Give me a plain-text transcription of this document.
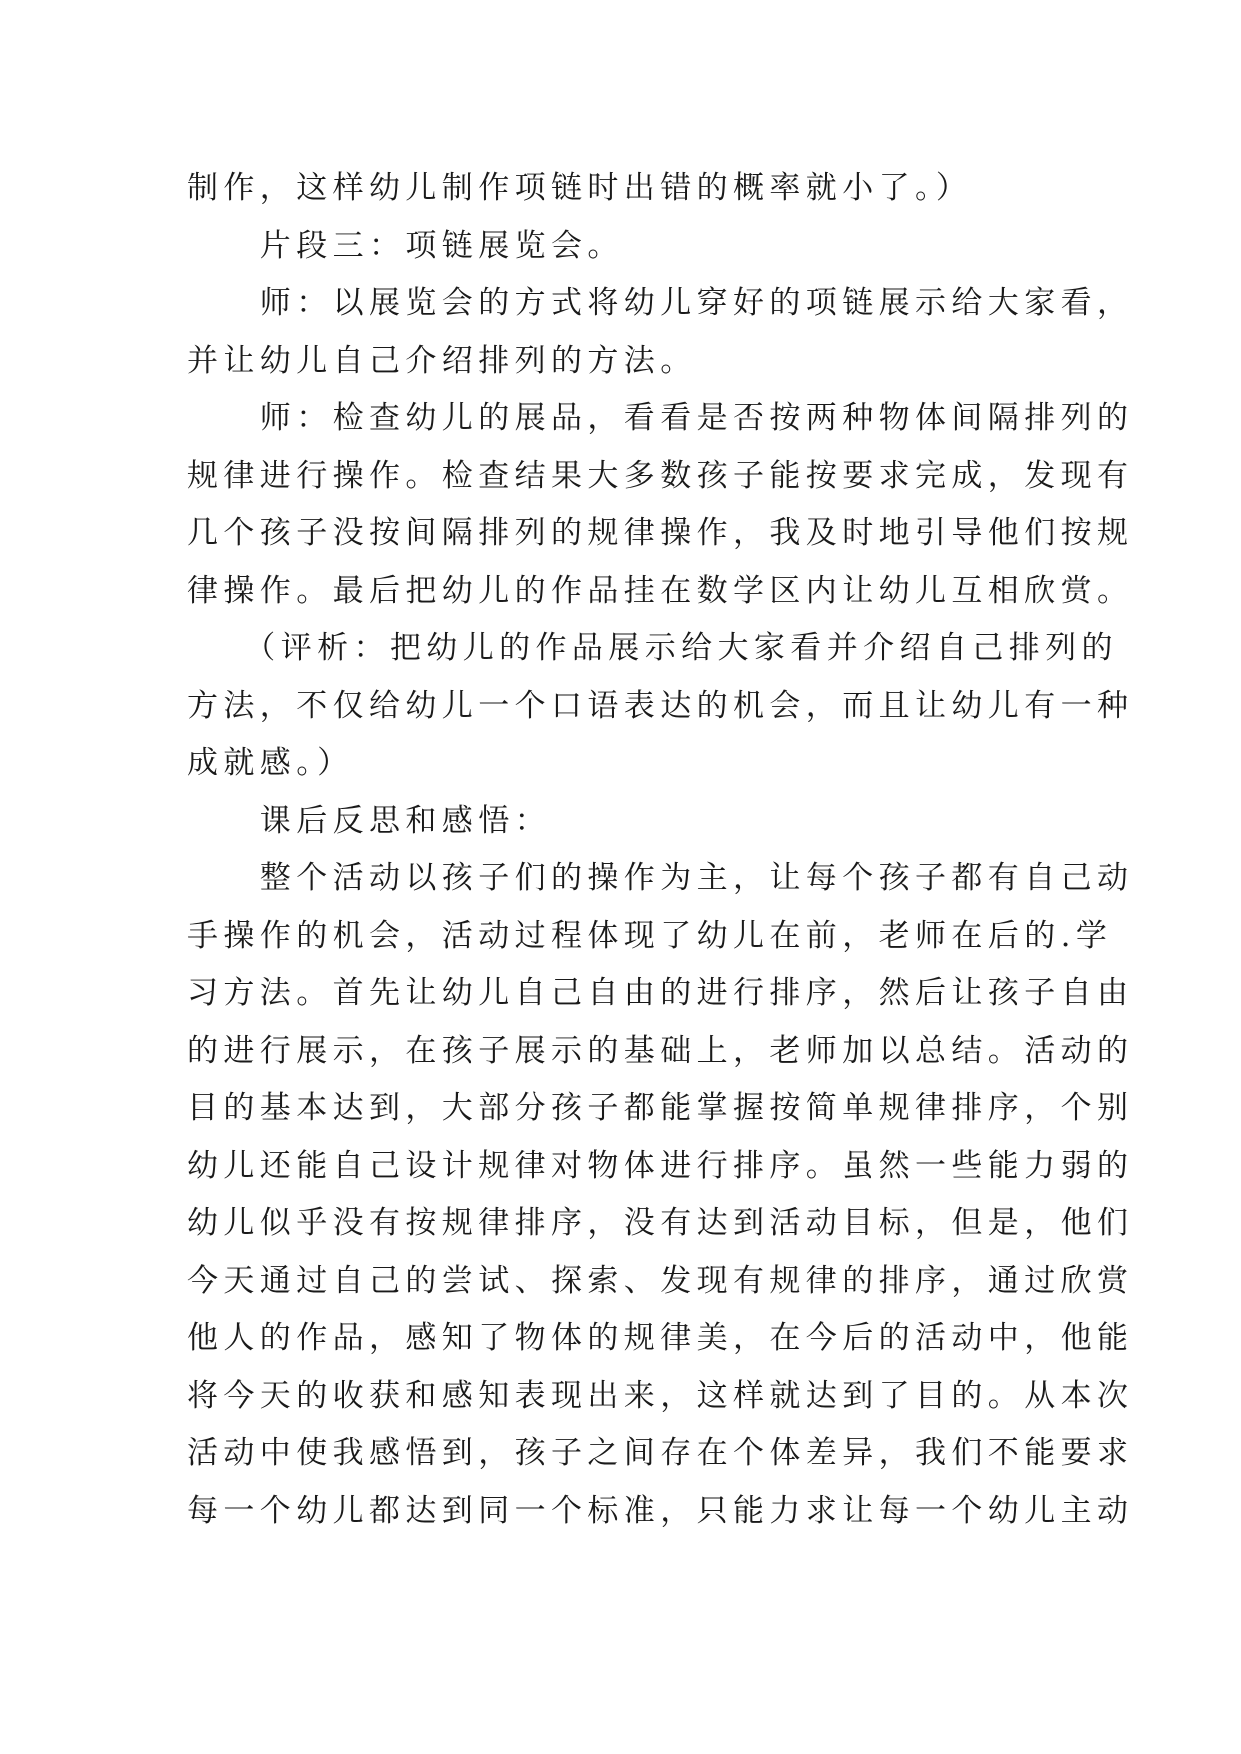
制作，这样幼儿制作项链时出错的概率就小了。）
　　片段三：项链展览会。
　　师：以展览会的方式将幼儿穿好的项链展示给大家看，
并让幼儿自己介绍排列的方法。
　　师：检查幼儿的展品，看看是否按两种物体间隔排列的
规律进行操作。检查结果大多数孩子能按要求完成，发现有
几个孩子没按间隔排列的规律操作，我及时地引导他们按规
律操作。最后把幼儿的作品挂在数学区内让幼儿互相欣赏。
　　（评析：把幼儿的作品展示给大家看并介绍自己排列的
方法，不仅给幼儿一个口语表达的机会，而且让幼儿有一种
成就感。）
　　课后反思和感悟：
　　整个活动以孩子们的操作为主，让每个孩子都有自己动
手操作的机会，活动过程体现了幼儿在前，老师在后的.学
习方法。首先让幼儿自己自由的进行排序，然后让孩子自由
的进行展示，在孩子展示的基础上，老师加以总结。活动的
目的基本达到，大部分孩子都能掌握按简单规律排序，个别
幼儿还能自己设计规律对物体进行排序。虽然一些能力弱的
幼儿似乎没有按规律排序，没有达到活动目标，但是，他们
今天通过自己的尝试、探索、发现有规律的排序，通过欣赏
他人的作品，感知了物体的规律美，在今后的活动中，他能
将今天的收获和感知表现出来，这样就达到了目的。从本次
活动中使我感悟到，孩子之间存在个体差异，我们不能要求
每一个幼儿都达到同一个标准，只能力求让每一个幼儿主动
